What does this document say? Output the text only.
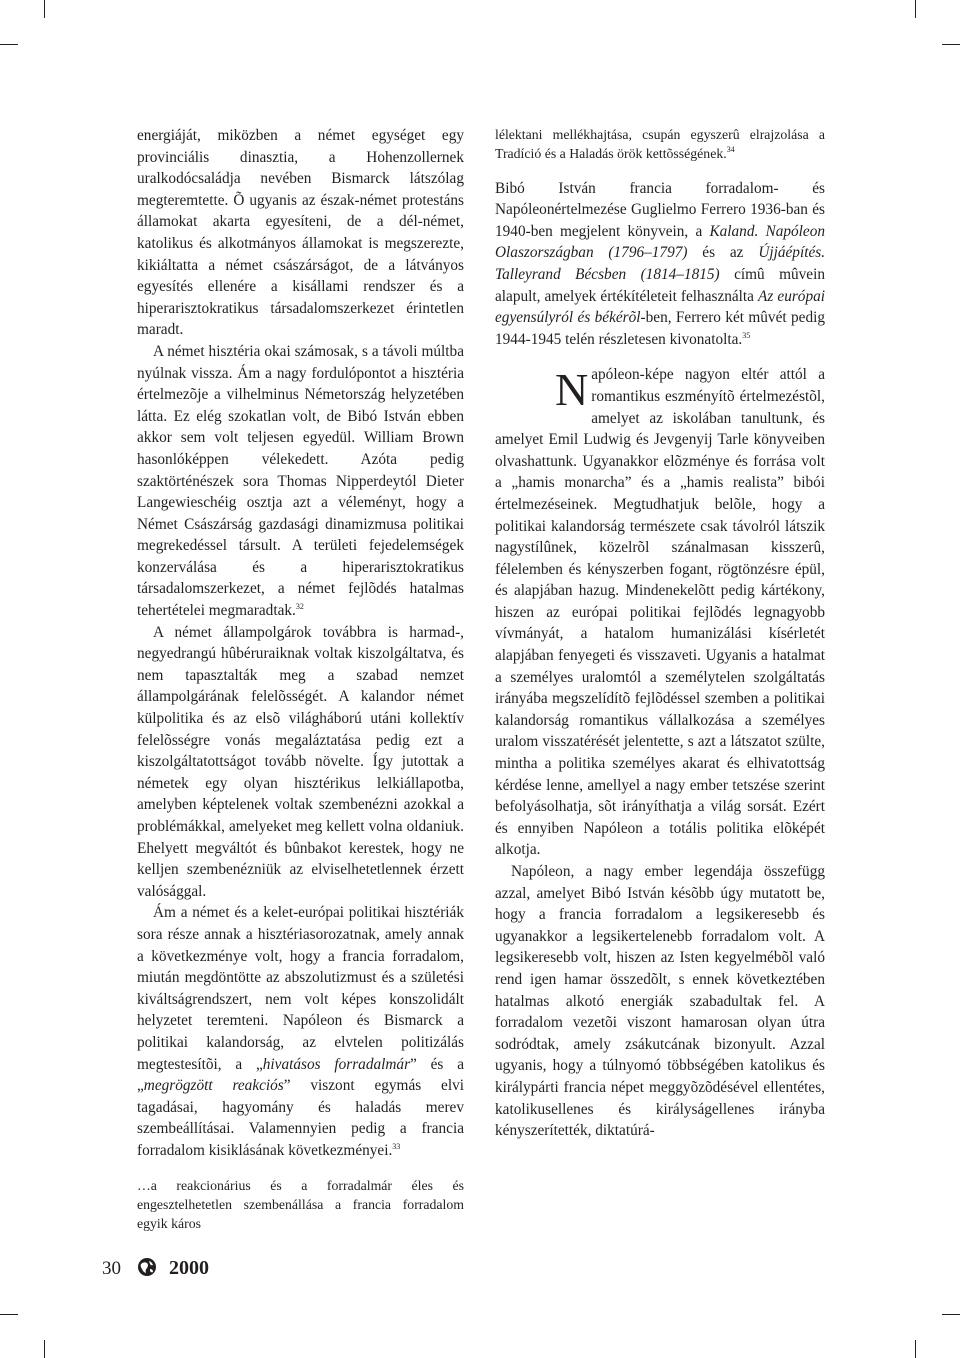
energiáját, miközben a német egységet egy provinciális dinasztia, a Hohenzollernek uralkodócsaládja nevében Bismarck látszólag megteremtette. Õ ugyanis az észak-német protestáns államokat akarta egyesíteni, de a dél-német, katolikus és alkotmányos államokat is megszerezte, kikiáltatta a német császárságot, de a látványos egyesítés ellenére a kisállami rendszer és a hiperarisztokratikus társadalomszerkezet érintetlen maradt.

A német hisztéria okai számosak, s a távoli múltba nyúlnak vissza. Ám a nagy fordulópontot a hisztéria értelmezõje a vilhelminus Németország helyzetében látta. Ez elég szokatlan volt, de Bibó István ebben akkor sem volt teljesen egyedül. William Brown hasonlóképpen vélekedett. Azóta pedig szaktörténészek sora Thomas Nipperdeytól Dieter Langewieschéig osztja azt a véleményt, hogy a Német Császárság gazdasági dinamizmusa politikai megrekedéssel társult. A területi fejedelemségek konzerválása és a hiperarisztokratikus társadalomszerkezet, a német fejlõdés hatalmas tehertételei megmaradtak.$^{32}$

A német állampolgárok továbbra is harmad-, negyedrangú hûbéruraiknak voltak kiszolgáltatva, és nem tapasztalták meg a szabad nemzet állampolgárának felelõsségét. A kalandor német külpolitika és az elsõ világháború utáni kollektív felelõsségre vonás megaláztatása pedig ezt a kiszolgáltatottságot tovább növelte. Így jutottak a németek egy olyan hisztérikus lelkiállapotba, amelyben képtelenek voltak szembenézni azokkal a problémákkal, amelyeket meg kellett volna oldaniuk. Ehelyett megváltót és bûnbakot kerestek, hogy ne kelljen szembenézniük az elviselhetetlennek érzett valósággal.

Ám a német és a kelet-európai politikai hisztériák sora része annak a hisztériasorozatnak, amely annak a következménye volt, hogy a francia forradalom, miután megdöntötte az abszolutizmust és a születési kiváltságrendszert, nem volt képes konszolidált helyzetet teremteni. Napóleon és Bismarck a politikai kalandorság, az elvtelen politizálás megtestesítõi, a „hivatásos forradalmár” és a „megrögzött reakciós” viszont egymás elvi tagadásai, hagyomány és haladás merev szembeállításai. Valamennyien pedig a francia forradalom kisiklásának következményei.$^{33}$

…a reakcionárius és a forradalmár éles és engesztelhetetlen szembenállása a francia forradalom egyik káros

lélektani mellékhajtása, csupán egyszerû elrajzolása a Tradíció és a Haladás örök kettõsségének.$^{34}$

Bibó István francia forradalom- és Napóleonértelmezése Guglielmo Ferrero 1936-ban és 1940-ben megjelent könyvein, a Kaland. Napóleon Olaszországban (1796–1797) és az Újjáépítés. Talleyrand Bécsben (1814–1815) címû mûvein alapult, amelyek értékítéleteit felhasználta Az európai egyensúlyról és békérõl-ben, Ferrero két mûvét pedig 1944-1945 telén részletesen kivonatolta.$^{35}$

Napóleon-képe nagyon eltér attól a romantikus eszményítõ értelmezéstõl, amelyet az iskolában tanultunk, és amelyet Emil Ludwig és Jevgenyij Tarle könyveiben olvashattunk. Ugyanakkor elõzménye és forrása volt a „hamis monarcha” és a „hamis realista” bibói értelmezéseinek. Megtudhatjuk belõle, hogy a politikai kalandorság természete csak távolról látszik nagystílûnek, közelrõl szánalmasan kisszerû, félelemben és kényszerben fogant, rögtönzésre épül, és alapjában hazug. Mindenekelõtt pedig kártékony, hiszen az európai politikai fejlõdés legnagyobb vívmányát, a hatalom humanizálási kísérletét alapjában fenyegeti és visszaveti. Ugyanis a hatalmat a személyes uralomtól a személytelen szolgáltatás irányába megszelídítõ fejlõdéssel szemben a politikai kalandorság romantikus vállalkozása a személyes uralom visszatérését jelentette, s azt a látszatot szülte, mintha a politika személyes akarat és elhivatottság kérdése lenne, amellyel a nagy ember tetszése szerint befolyásolhatja, sõt irányíthatja a világ sorsát. Ezért és ennyiben Napóleon a totális politika elõképét alkotja.

Napóleon, a nagy ember legendája összefügg azzal, amelyet Bibó István késõbb úgy mutatott be, hogy a francia forradalom a legsikeresebb és ugyanakkor a legsikertelenebb forradalom volt. A legsikeresebb volt, hiszen az Isten kegyelmébõl való rend igen hamar összedõlt, s ennek következtében hatalmas alkotó energiák szabadultak fel. A forradalom vezetõi viszont hamarosan olyan útra sodródtak, amely zsákutcának bizonyult. Azzal ugyanis, hogy a túlnyomó többségében katolikus és királypárti francia népet meggyõzõdésével ellentétes, katolikusellenes és királyságellenes irányba kényszerítették, diktatúrá-

30 2000
